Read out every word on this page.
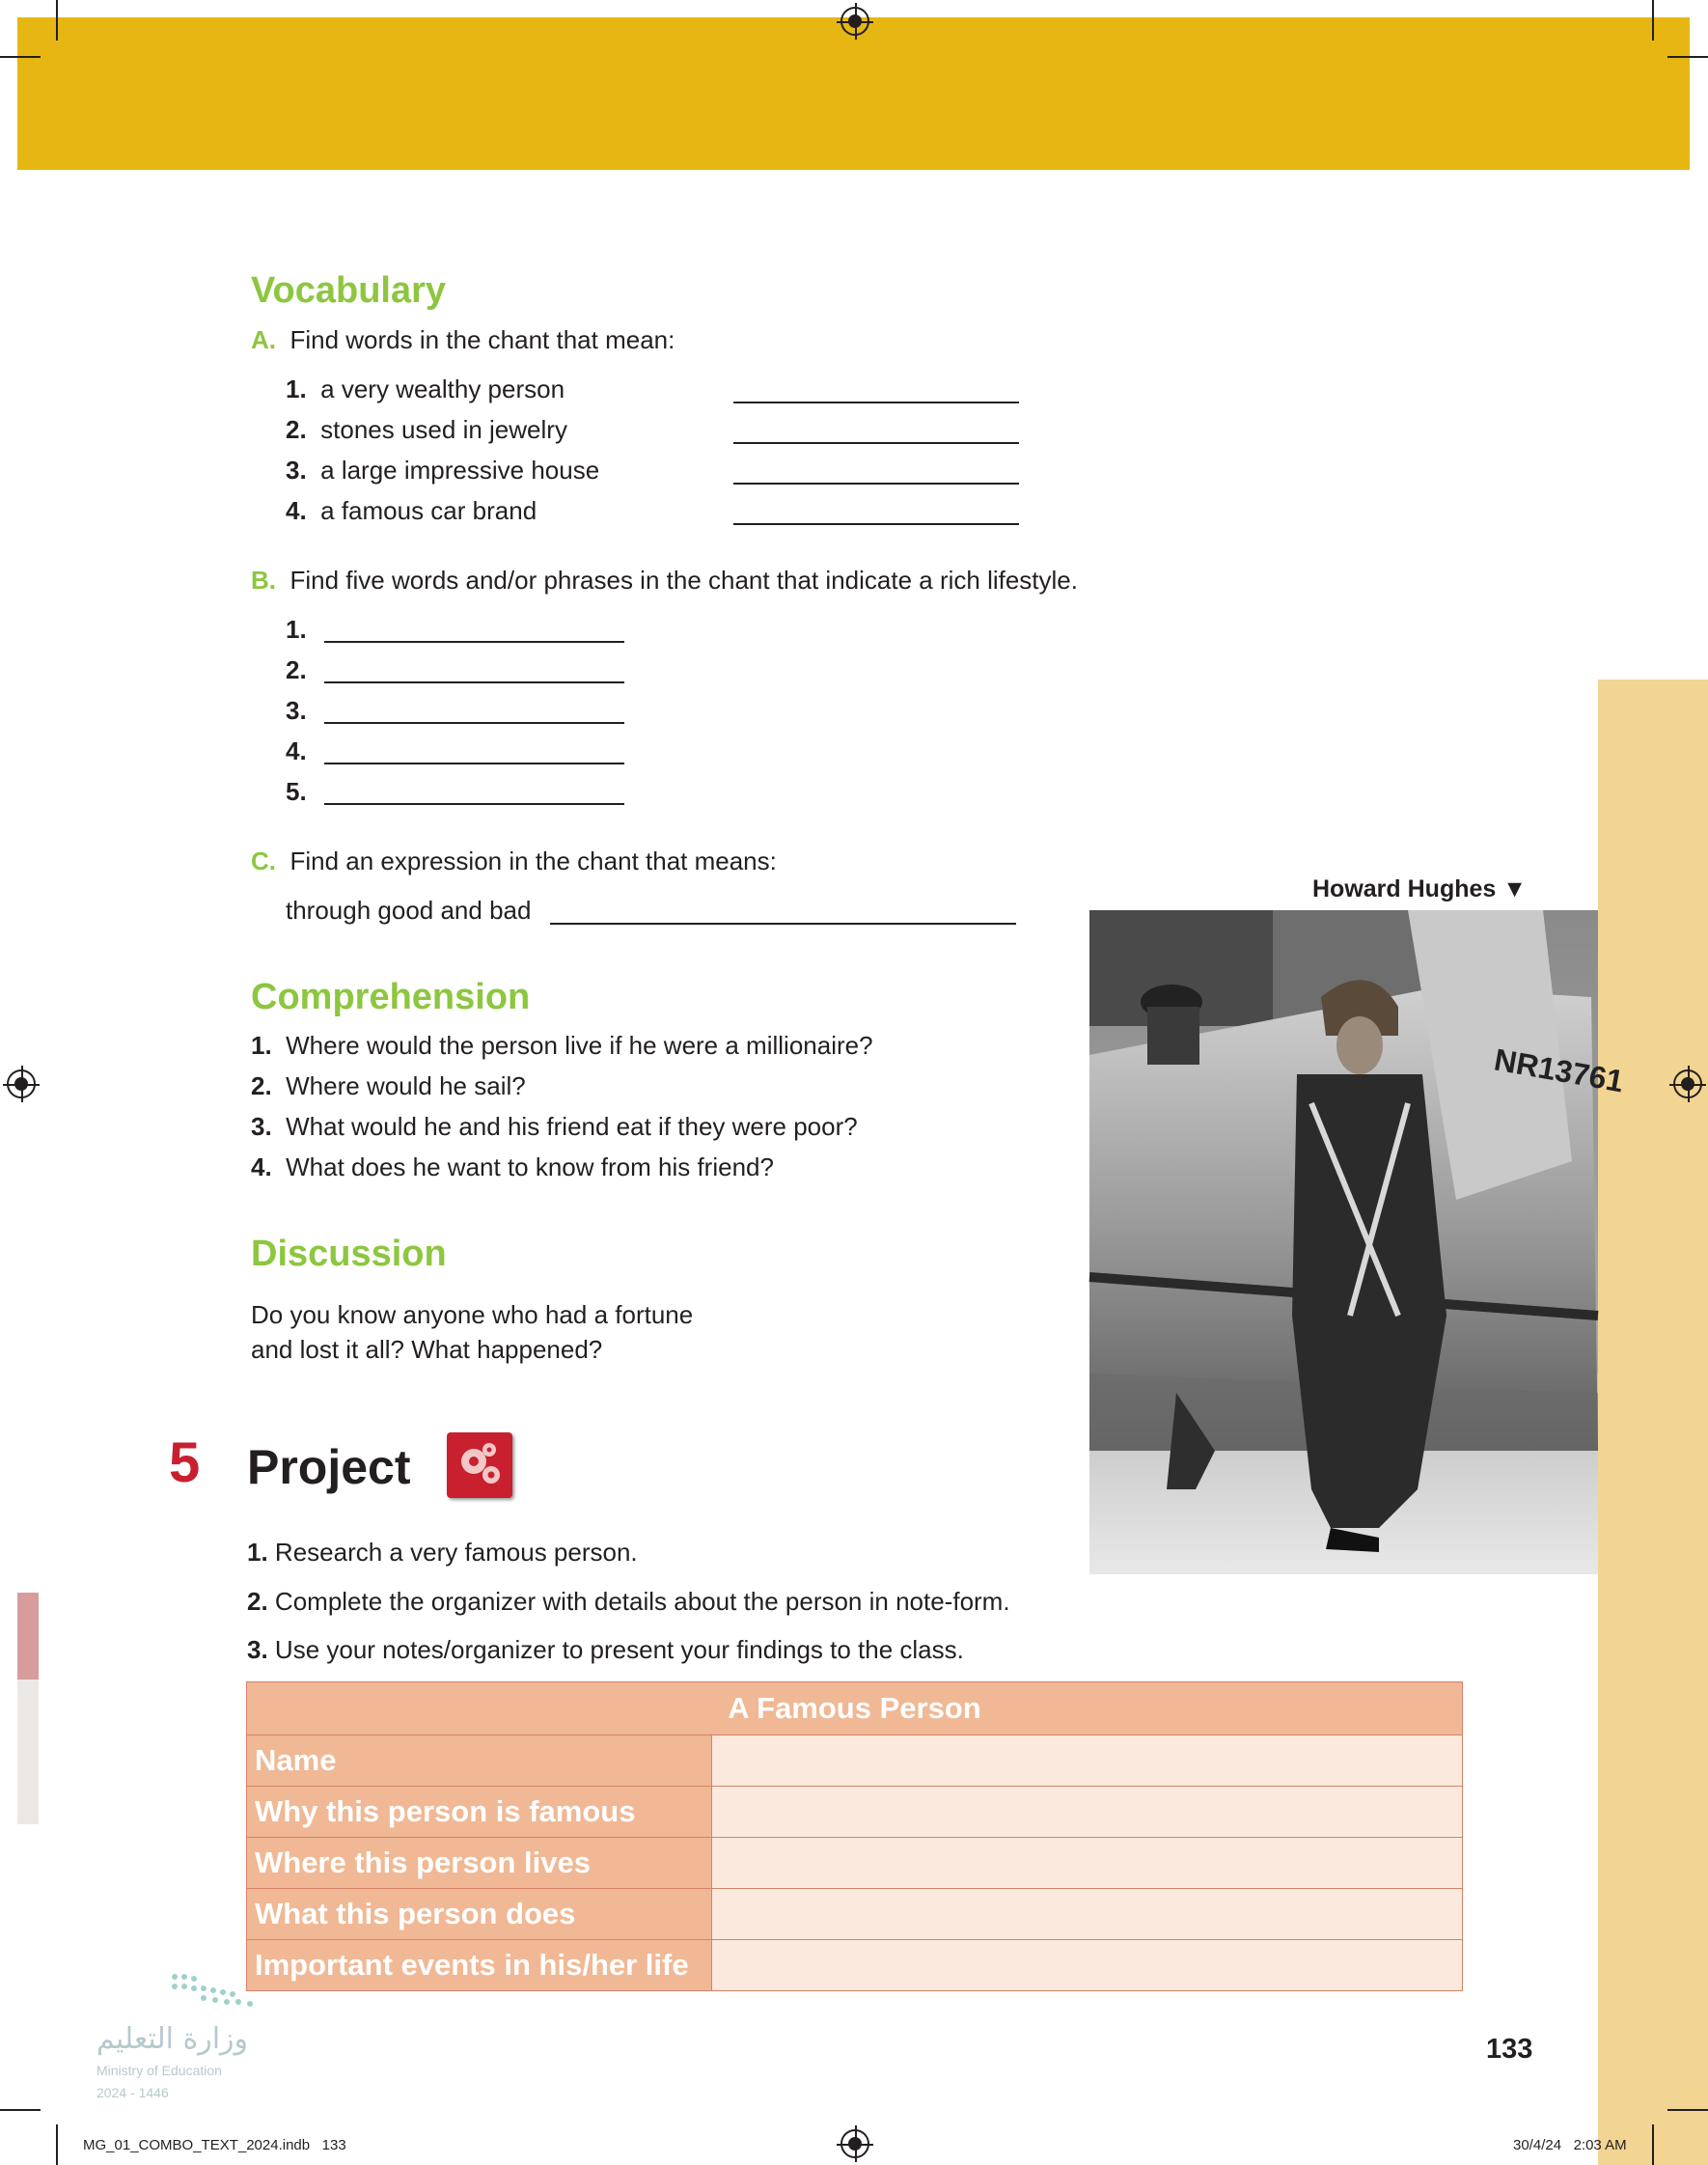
Vocabulary
A. Find words in the chant that mean:
1. a very wealthy person
2. stones used in jewelry
3. a large impressive house
4. a famous car brand
B. Find five words and/or phrases in the chant that indicate a rich lifestyle.
1.
2.
3.
4.
5.
C. Find an expression in the chant that means:
through good and bad
Comprehension
1. Where would the person live if he were a millionaire?
2. Where would he sail?
3. What would he and his friend eat if they were poor?
4. What does he want to know from his friend?
Discussion
Do you know anyone who had a fortune
and lost it all? What happened?
Howard Hughes ▼
NR13761
5 Project
1. Research a very famous person.
2. Complete the organizer with details about the person in note-form.
3. Use your notes/organizer to present your findings to the class.
A Famous Person	
Name	
Why this person is famous	
Where this person lives	
What this person does	
Important events in his/her life	
وزارة التعليم
Ministry of Education
2024 - 1446
133
MG_01_COMBO_TEXT_2024.indb 133	30/4/24 2:03 AM
